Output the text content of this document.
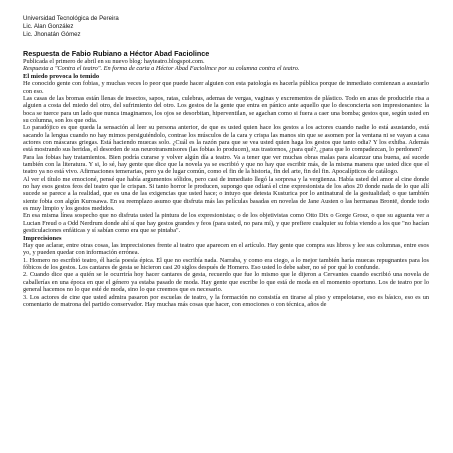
Universidad Tecnológica de Pereira
Lic. Alan González
Lic. Jhonatán Gómez
Respuesta de Fabio Rubiano a Héctor Abad Faciolince

Publicada el primero de abril en su nuevo blog: hayteatro.blogspot.com.

Respuesta a "Contra el teatro". En forma de carta a Héctor Abad Faciolince por su columna contra el teatro.

El miedo provoca lo temido

He conocido gente con fobias, y muchas veces lo peor que puede hacer alguien con esta patología es hacerla pública porque de inmediato comienzan a asustarlo con eso.

Las casas de las bromas están llenas de insectos, sapos, ratas, culebras, ademas de vergas, vaginas y excrementos de plástico. Todo en aras de producirle risa a alguien a costa del miedo del otro, del sufrimiento del otro. Los gestos de la gente que entra en pánico ante aquello que lo desconcierta son impresionantes: la boca se tuerce para un lado que nunca imaginamos, los ojos se desorbitan, hiperventilan, se agachan como si fuera a caer una bomba; gestos que, según usted en su columna, son los que odia.

Lo paradójico es que queda la sensación al leer su persona anterior, de que es usted quien hace los gestos a los actores cuando nadie lo está asustando, está sacando la lengua cuando no hay mimos persiguiéndolo, contrae los músculos de la cara y crispa las manos sin que se asomen por la ventana ni se vayan a casa actores con máscaras griegas. Está haciendo muecas solo. ¿Cuál es la razón para que se vea usted quien haga los gestos que tanto odia? Y los exhiba. Además está mostrando sus heridas, el desorden de sus neurotransmisores (las fobias lo producen), sus trastornos, ¿para qué?, ¿para que lo compadezcan, lo perdonen?

Para las fobias hay tratamientos. Bien podría curarse y volver algún día a teatro. Va a tener que ver muchas obras malas para alcanzar una buena, así sucede también con la literatura. Y si, lo sé, hay gente que dice que la novela ya se escribió y que no hay que escribir más, de la misma manera que usted dice que el teatro ya no está vivo. Afirmaciones temerarias, pero ya de lugar común, como el fin de la historia, fin del arte, fin del fin. Apocalípticos de catálogo.

Al ver el título me emocioné, pensé que había argumentos sólidos, pero casi de inmediato llegó la sorpresa y la vergüenza. Había usted del amor al cine donde no hay esos gestos feos del teatro que le crispan. Si tanto horror le producen, supongo que odiará el cine expresionista de los años 20 donde nada de lo que allí sucede se parece a la realidad, que es una de las exigencias que usted hace; o intuyo que detesta Kusturica por lo antinatural de la gestualidad; o que también siente fobia con algún Kurosawa. En su reemplazo asumo que disfruta más las películas basadas en novelas de Jane Austen o las hermanas Brontë, donde todo es muy limpio y los gestos medidos.

En esa misma línea sospecho que no disfruta usted la pintura de los expresionistas; o de los objetivistas como Otto Dix o Gorge Grosz, o que su aguanta ver a Lucian Freud o a Odd Nerdrum donde ahí sí que hay gestos grandes y feos (para usted, no para mí), y que prefiere cualquier su fobia viendo a los que "no hacían gesticulaciones enfáticas y sí sabían como era que se pintaba".

Imprecisiones

Hay que aclarar, entre otras cosas, las imprecisiones frente al teatro que aparecen en el artículo. Hay gente que compra sus libros y lee sus columnas, entre esos yo, y pueden quedar con información errónea.

1. Homero no escribió teatro, él hacía poesía épica. El que no escribía nada. Narraba, y como era ciego, a lo mejor también haría muecas repugnantes para los fóbicos de los gestos. Los cantares de gesta se hicieron casi 20 siglos después de Homero. Eso usted lo debe saber, no sé por qué lo confunde.

2. Cuando dice que a quién se le ocurriría hoy hacer cantares de gesta, recuerdo que fue lo mismo que le dijeron a Cervantes cuando escribió una novela de caballerías en una época en que el género ya estaba pasado de moda. Hay gente que escribe lo que está de moda en el momento oportuno. Los de teatro por lo general hacemos no lo que esté de moda, sino lo que creemos que es necesario.

3. Los actores de cine que usted admira pasaron por escuelas de teatro, y la formación no consistía en tirarse al piso y empelotarse, eso es básico, eso es un comentario de matrona del partido conservador. Hay muchas más cosas que hacer, con emociones o con técnica, años de
